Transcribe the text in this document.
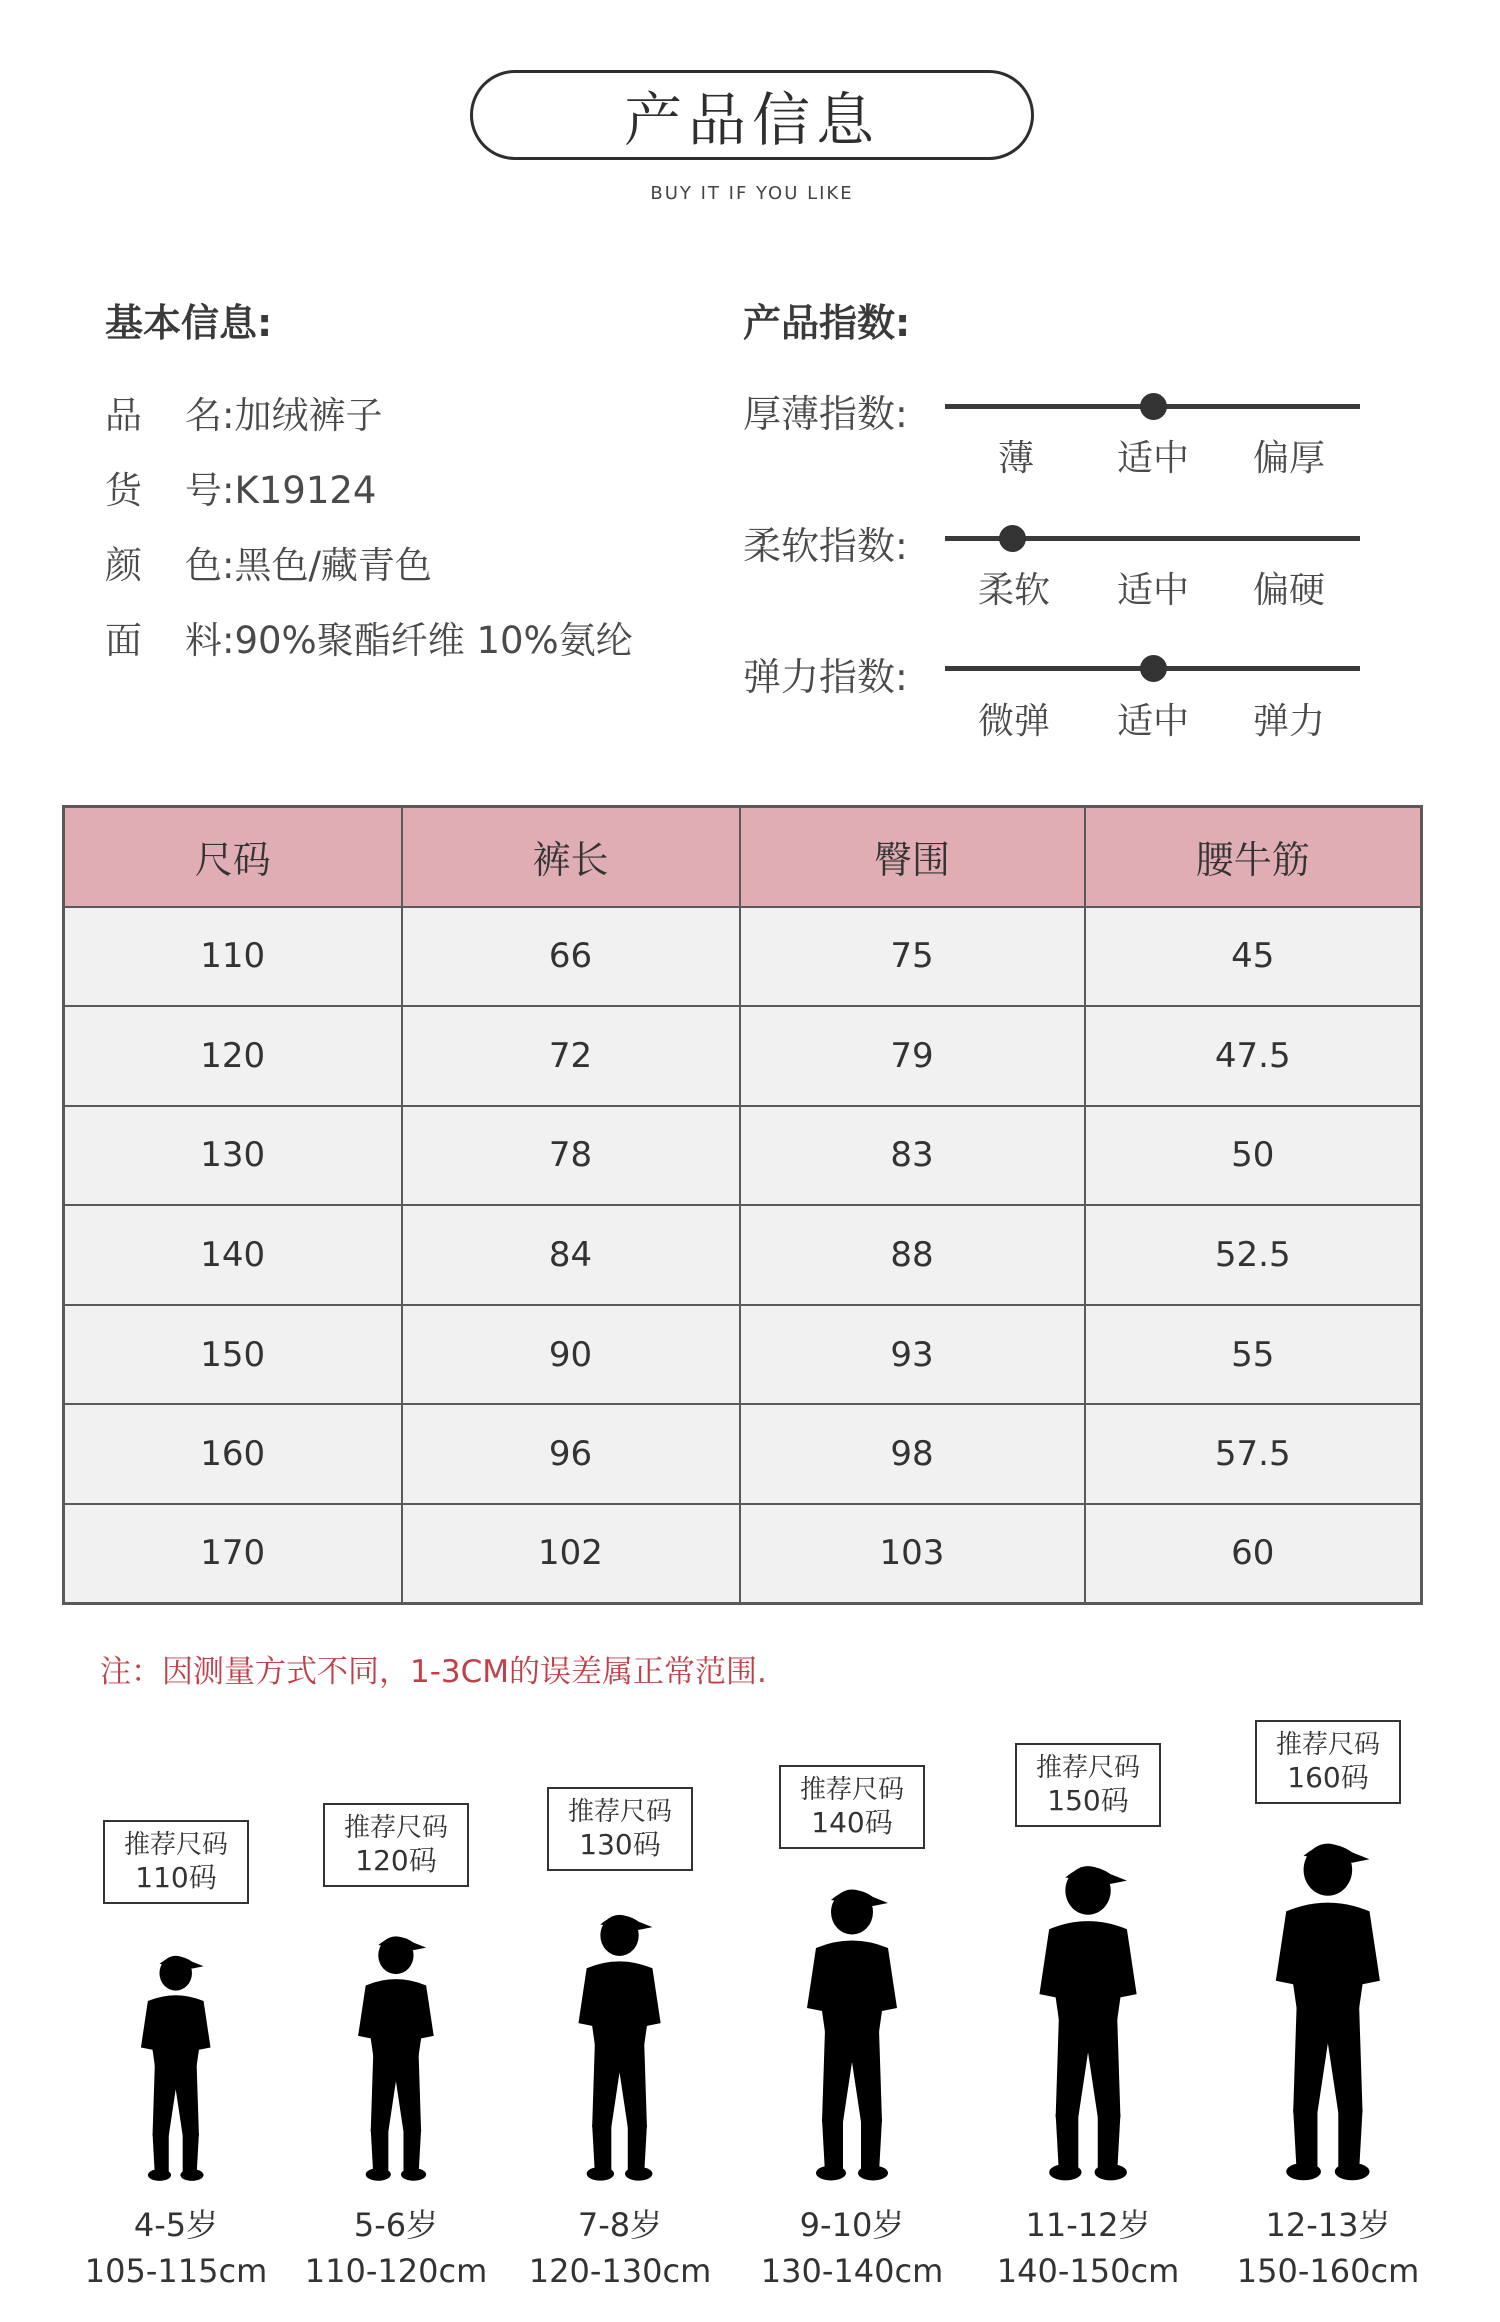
产品信息
BUY IT IF YOU LIKE
基本信息:
品 名:加绒裤子
货 号:K19124
颜 色:黑色/藏青色
面 料:90%聚酯纤维 10%氨纶
产品指数:
厚薄指数:
薄 适中 偏厚
柔软指数:
柔软 适中 偏硬
弹力指数:
微弹 适中 弹力
尺码	裤长	臀围	腰牛筋
110	66	75	45
120	72	79	47.5
130	78	83	50
140	84	88	52.5
150	90	93	55
160	96	98	57.5
170	102	103	60
注：因测量方式不同，1-3CM的误差属正常范围.
推荐尺码
110码
4-5岁
105-115cm
推荐尺码
120码
5-6岁
110-120cm
推荐尺码
130码
7-8岁
120-130cm
推荐尺码
140码
9-10岁
130-140cm
推荐尺码
150码
11-12岁
140-150cm
推荐尺码
160码
12-13岁
150-160cm
